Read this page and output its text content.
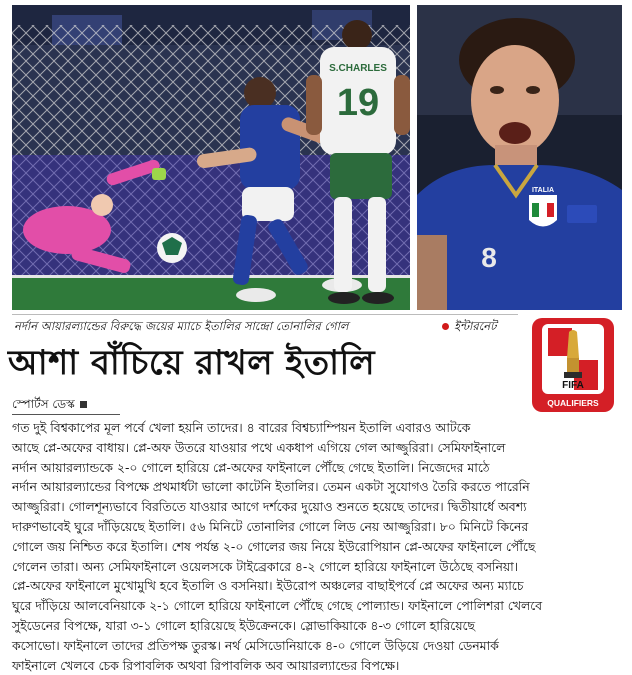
S.CHARLES
19
ITALIA
8
নর্দান আয়ারল্যান্ডের বিরুদ্ধে জয়ের ম্যাচে ইতালির সান্দ্রো তোনালির গোল	ইন্টারনেট
FIFA
QUALIFIERS
আশা বাঁচিয়ে রাখল ইতালি
স্পোর্টস ডেস্ক
গত দুই বিশ্বকাপের মূল পর্বে খেলা হয়নি তাদের। ৪ বারের বিশ্বচ্যাম্পিয়ন ইতালি এবারও আটকে
আছে প্লে-অফের বাধায়। প্লে-অফ উতরে যাওয়ার পথে একধাপ এগিয়ে গেল আজ্জুরিরা। সেমিফাইনালে
নর্দান আয়ারল্যান্ডকে ২-০ গোলে হারিয়ে প্লে-অফের ফাইনালে পৌঁছে গেছে ইতালি। নিজেদের মাঠে
নর্দান আয়ারল্যান্ডের বিপক্ষে প্রথমার্ধটা ভালো কাটেনি ইতালির। তেমন একটা সুযোগও তৈরি করতে পারেনি
আজ্জুরিরা। গোলশূন্যভাবে বিরতিতে যাওয়ার আগে দর্শকের দুয়োও শুনতে হয়েছে তাদের। দ্বিতীয়ার্ধে অবশ্য
দারুণভাবেই ঘুরে দাঁড়িয়েছে ইতালি। ৫৬ মিনিটে তোনালির গোলে লিড নেয় আজ্জুরিরা। ৮০ মিনিটে কিনের
গোলে জয় নিশ্চিত করে ইতালি। শেষ পর্যন্ত ২-০ গোলের জয় নিয়ে ইউরোপিয়ান প্লে-অফের ফাইনালে পৌঁছে
গেলেন তারা। অন্য সেমিফাইনালে ওয়েলসকে টাইব্রেকারে ৪-২ গোলে হারিয়ে ফাইনালে উঠেছে বসনিয়া।
প্লে-অফের ফাইনালে মুখোমুখি হবে ইতালি ও বসনিয়া। ইউরোপ অঞ্চলের বাছাইপর্বে প্লে অফের অন্য ম্যাচে
ঘুরে দাঁড়িয়ে আলবেনিয়াকে ২-১ গোলে হারিয়ে ফাইনালে পৌঁছে গেছে পোল্যান্ড। ফাইনালে পোলিশরা খেলবে
সুইডেনের বিপক্ষে, যারা ৩-১ গোলে হারিয়েছে ইউক্রেনকে। স্লোভাকিয়াকে ৪-৩ গোলে হারিয়েছে
কসোভো। ফাইনালে তাদের প্রতিপক্ষ তুরস্ক। নর্থ মেসিডোনিয়াকে ৪-০ গোলে উড়িয়ে দেওয়া ডেনমার্ক
ফাইনালে খেলবে চেক রিপাবলিক অথবা রিপাবলিক অব আয়ারল্যান্ডের বিপক্ষে।
